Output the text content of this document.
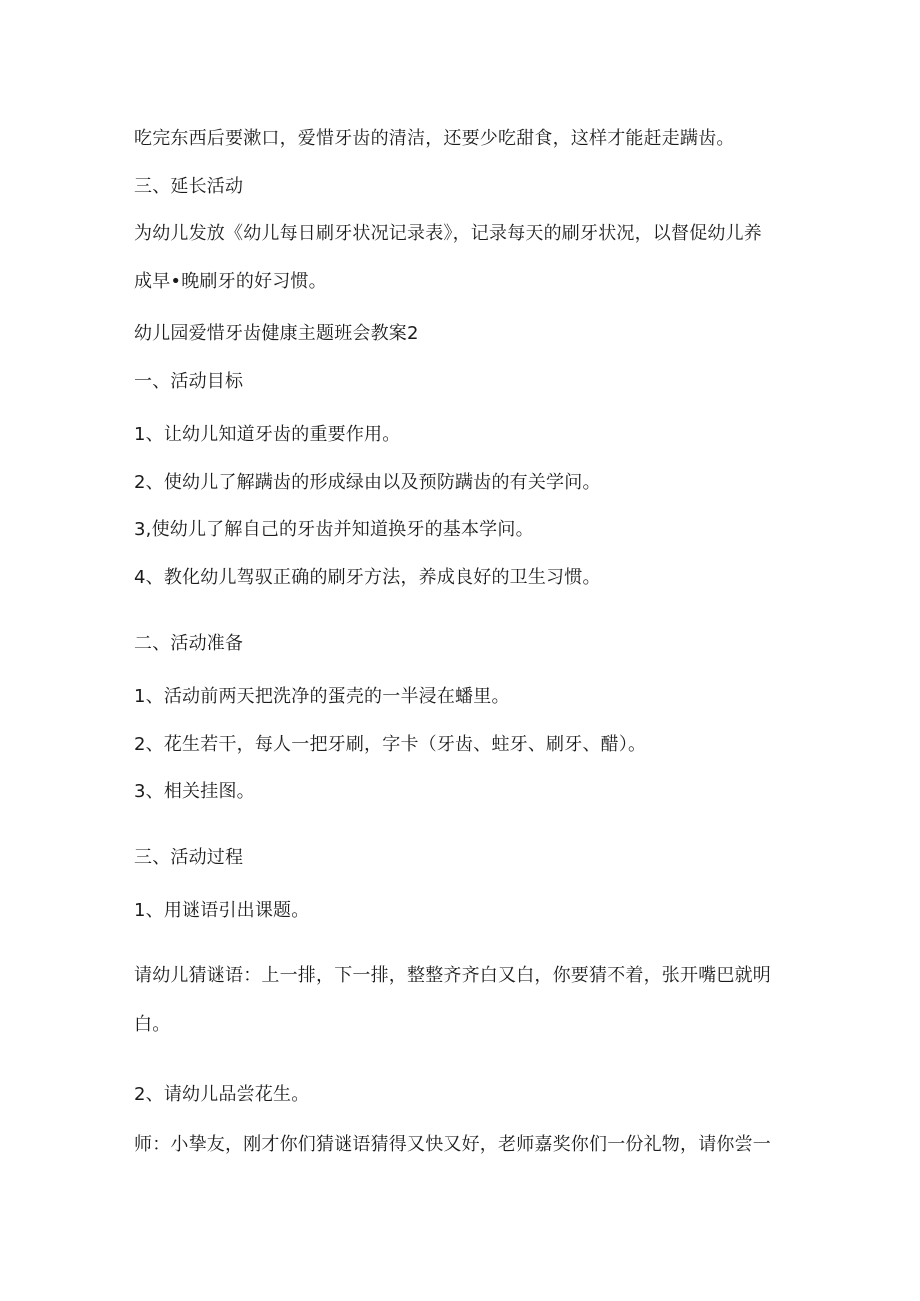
吃完东西后要漱口，爱惜牙齿的清洁，还要少吃甜食，这样才能赶走蹒齿。
三、延长活动
为幼儿发放《幼儿每日刷牙状况记录表》，记录每天的刷牙状况，以督促幼儿养
成早•晚刷牙的好习惯。
幼儿园爱惜牙齿健康主题班会教案2
一、活动目标
1、让幼儿知道牙齿的重要作用。
2、使幼儿了解蹒齿的形成绿由以及预防蹒齿的有关学问。
3,使幼儿了解自己的牙齿并知道换牙的基本学问。
4、教化幼儿驾驭正确的刷牙方法，养成良好的卫生习惯。
二、活动准备
1、活动前两天把洗净的蛋壳的一半浸在蟠里。
2、花生若干，每人一把牙刷，字卡（牙齿、蛀牙、刷牙、醋）。
3、相关挂图。
三、活动过程
1、用谜语引出课题。
请幼儿猜谜语：上一排，下一排，整整齐齐白又白，你要猜不着，张开嘴巴就明
白。
2、请幼儿品尝花生。
师：小挚友，刚才你们猜谜语猜得又快又好，老师嘉奖你们一份礼物，请你尝一
